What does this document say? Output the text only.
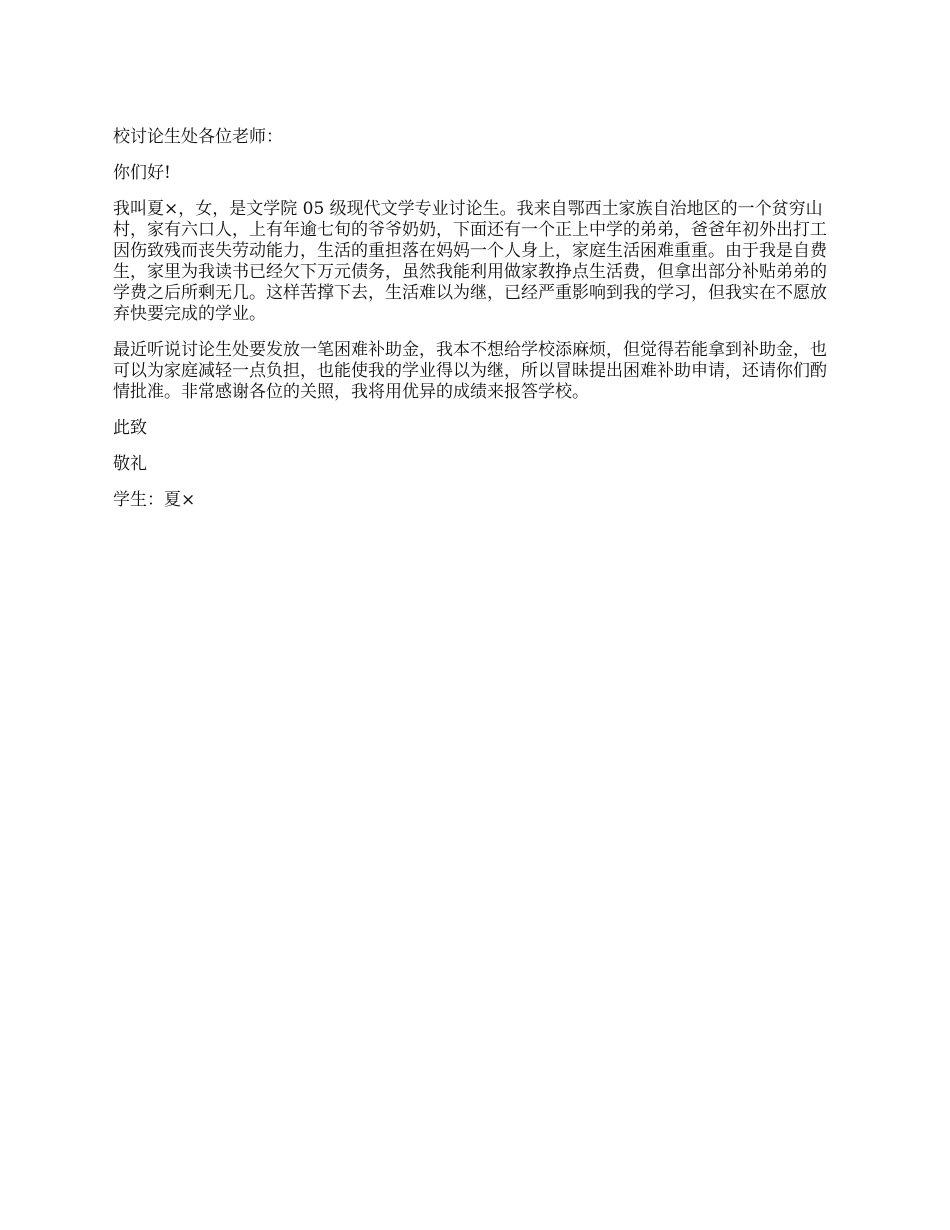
校讨论生处各位老师：

你们好!

我叫夏×，女，是文学院 05 级现代文学专业讨论生。我来自鄂西土家族自治地区的一个贫穷山村，家有六口人，上有年逾七旬的爷爷奶奶，下面还有一个正上中学的弟弟，爸爸年初外出打工因伤致残而丧失劳动能力，生活的重担落在妈妈一个人身上，家庭生活困难重重。由于我是自费生，家里为我读书已经欠下万元债务，虽然我能利用做家教挣点生活费，但拿出部分补贴弟弟的学费之后所剩无几。这样苦撑下去，生活难以为继，已经严重影响到我的学习，但我实在不愿放弃快要完成的学业。

最近听说讨论生处要发放一笔困难补助金，我本不想给学校添麻烦，但觉得若能拿到补助金，也可以为家庭减轻一点负担，也能使我的学业得以为继，所以冒昧提出困难补助申请，还请你们酌情批准。非常感谢各位的关照，我将用优异的成绩来报答学校。

此致

敬礼

学生：夏×
